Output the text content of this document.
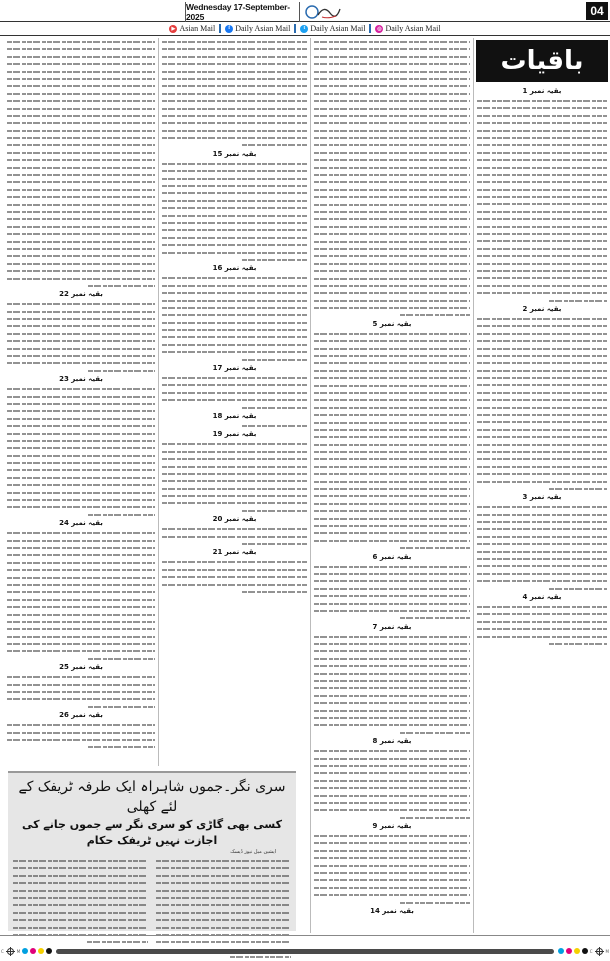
Wednesday 17-September-2025	04
▶ Asian Mail	f Daily Asian Mail	t Daily Asian Mail	◎ Daily Asian Mail
باقیات
بقیہ نمبر 1
بقیہ نمبر 2
بقیہ نمبر 3
بقیہ نمبر 4
بقیہ نمبر 5
بقیہ نمبر 6
بقیہ نمبر 7
بقیہ نمبر 8
بقیہ نمبر 9
بقیہ نمبر 14
بقیہ نمبر 15
بقیہ نمبر 16
بقیہ نمبر 17
بقیہ نمبر 18
بقیہ نمبر 19
بقیہ نمبر 20
بقیہ نمبر 21
بقیہ نمبر 22
بقیہ نمبر 23
بقیہ نمبر 24
بقیہ نمبر 25
بقیہ نمبر 26
سری نگر۔جموں شاہراہ ایک طرفہ ٹریفک کے لئے کھلی
کسی بھی گاڑی کو سری نگر سے جموں جانے کی اجازت نہیں ٹریفک حکام
ایشین میل نیوز ڈیسک
C	M	C	M
